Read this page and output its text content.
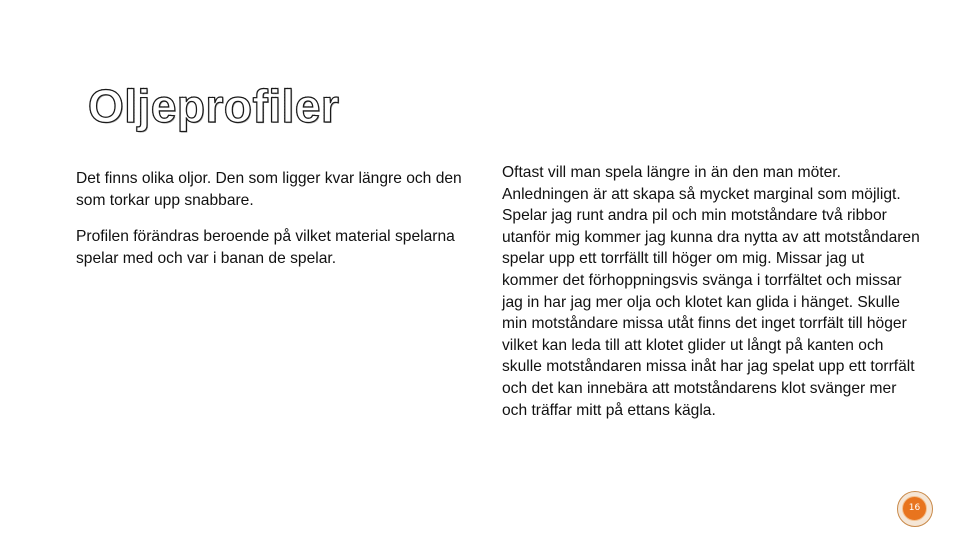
Oljeprofiler

Det finns olika oljor. Den som ligger kvar längre och den som torkar upp snabbare.

Profilen förändras beroende på vilket material spelarna spelar med och var i banan de spelar.

Oftast vill man spela längre in än den man möter. Anledningen är att skapa så mycket marginal som möjligt. Spelar jag runt andra pil och min motståndare två ribbor utanför mig kommer jag kunna dra nytta av att motståndaren spelar upp ett torrfällt till höger om mig. Missar jag ut kommer det förhoppningsvis svänga i torrfältet och missar jag in har jag mer olja och klotet kan glida i hänget. Skulle min motståndare missa utåt finns det inget torrfält till höger vilket kan leda till att klotet glider ut långt på kanten och skulle motståndaren missa inåt har jag spelat upp ett torrfält och det kan innebära att motståndarens klot svänger mer och träffar mitt på ettans kägla.

16
